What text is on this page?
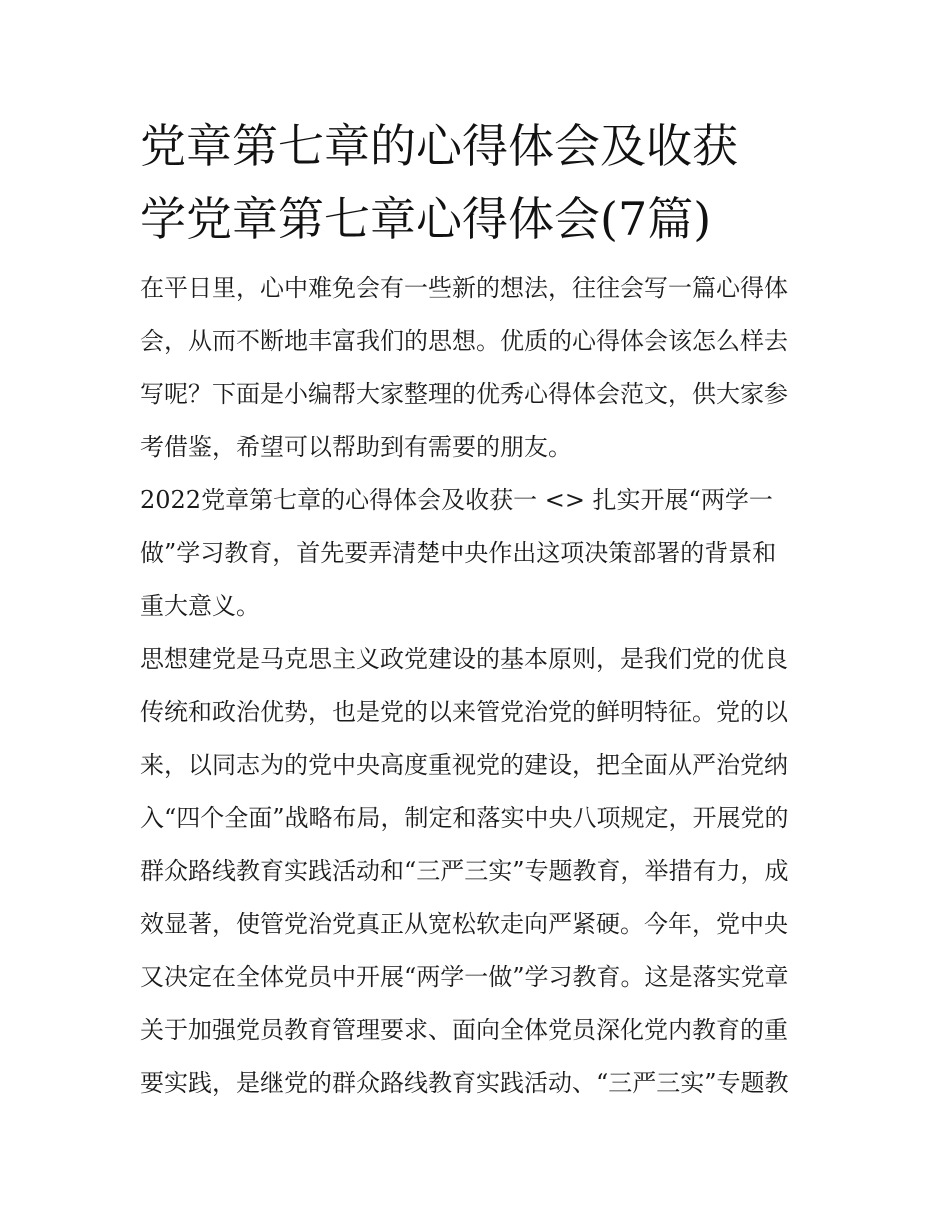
党章第七章的心得体会及收获
学党章第七章心得体会(7篇)

在平日里，心中难免会有一些新的想法，往往会写一篇心得体
会，从而不断地丰富我们的思想。优质的心得体会该怎么样去
写呢？下面是小编帮大家整理的优秀心得体会范文，供大家参
考借鉴，希望可以帮助到有需要的朋友。

2022党章第七章的心得体会及收获一 <> 扎实开展“两学一
做”学习教育，首先要弄清楚中央作出这项决策部署的背景和
重大意义。

思想建党是马克思主义政党建设的基本原则，是我们党的优良
传统和政治优势，也是党的以来管党治党的鲜明特征。党的以
来，以同志为的党中央高度重视党的建设，把全面从严治党纳
入“四个全面”战略布局，制定和落实中央八项规定，开展党的
群众路线教育实践活动和“三严三实”专题教育，举措有力，成
效显著，使管党治党真正从宽松软走向严紧硬。今年，党中央
又决定在全体党员中开展“两学一做”学习教育。这是落实党章
关于加强党员教育管理要求、面向全体党员深化党内教育的重
要实践，是继党的群众路线教育实践活动、“三严三实”专题教
